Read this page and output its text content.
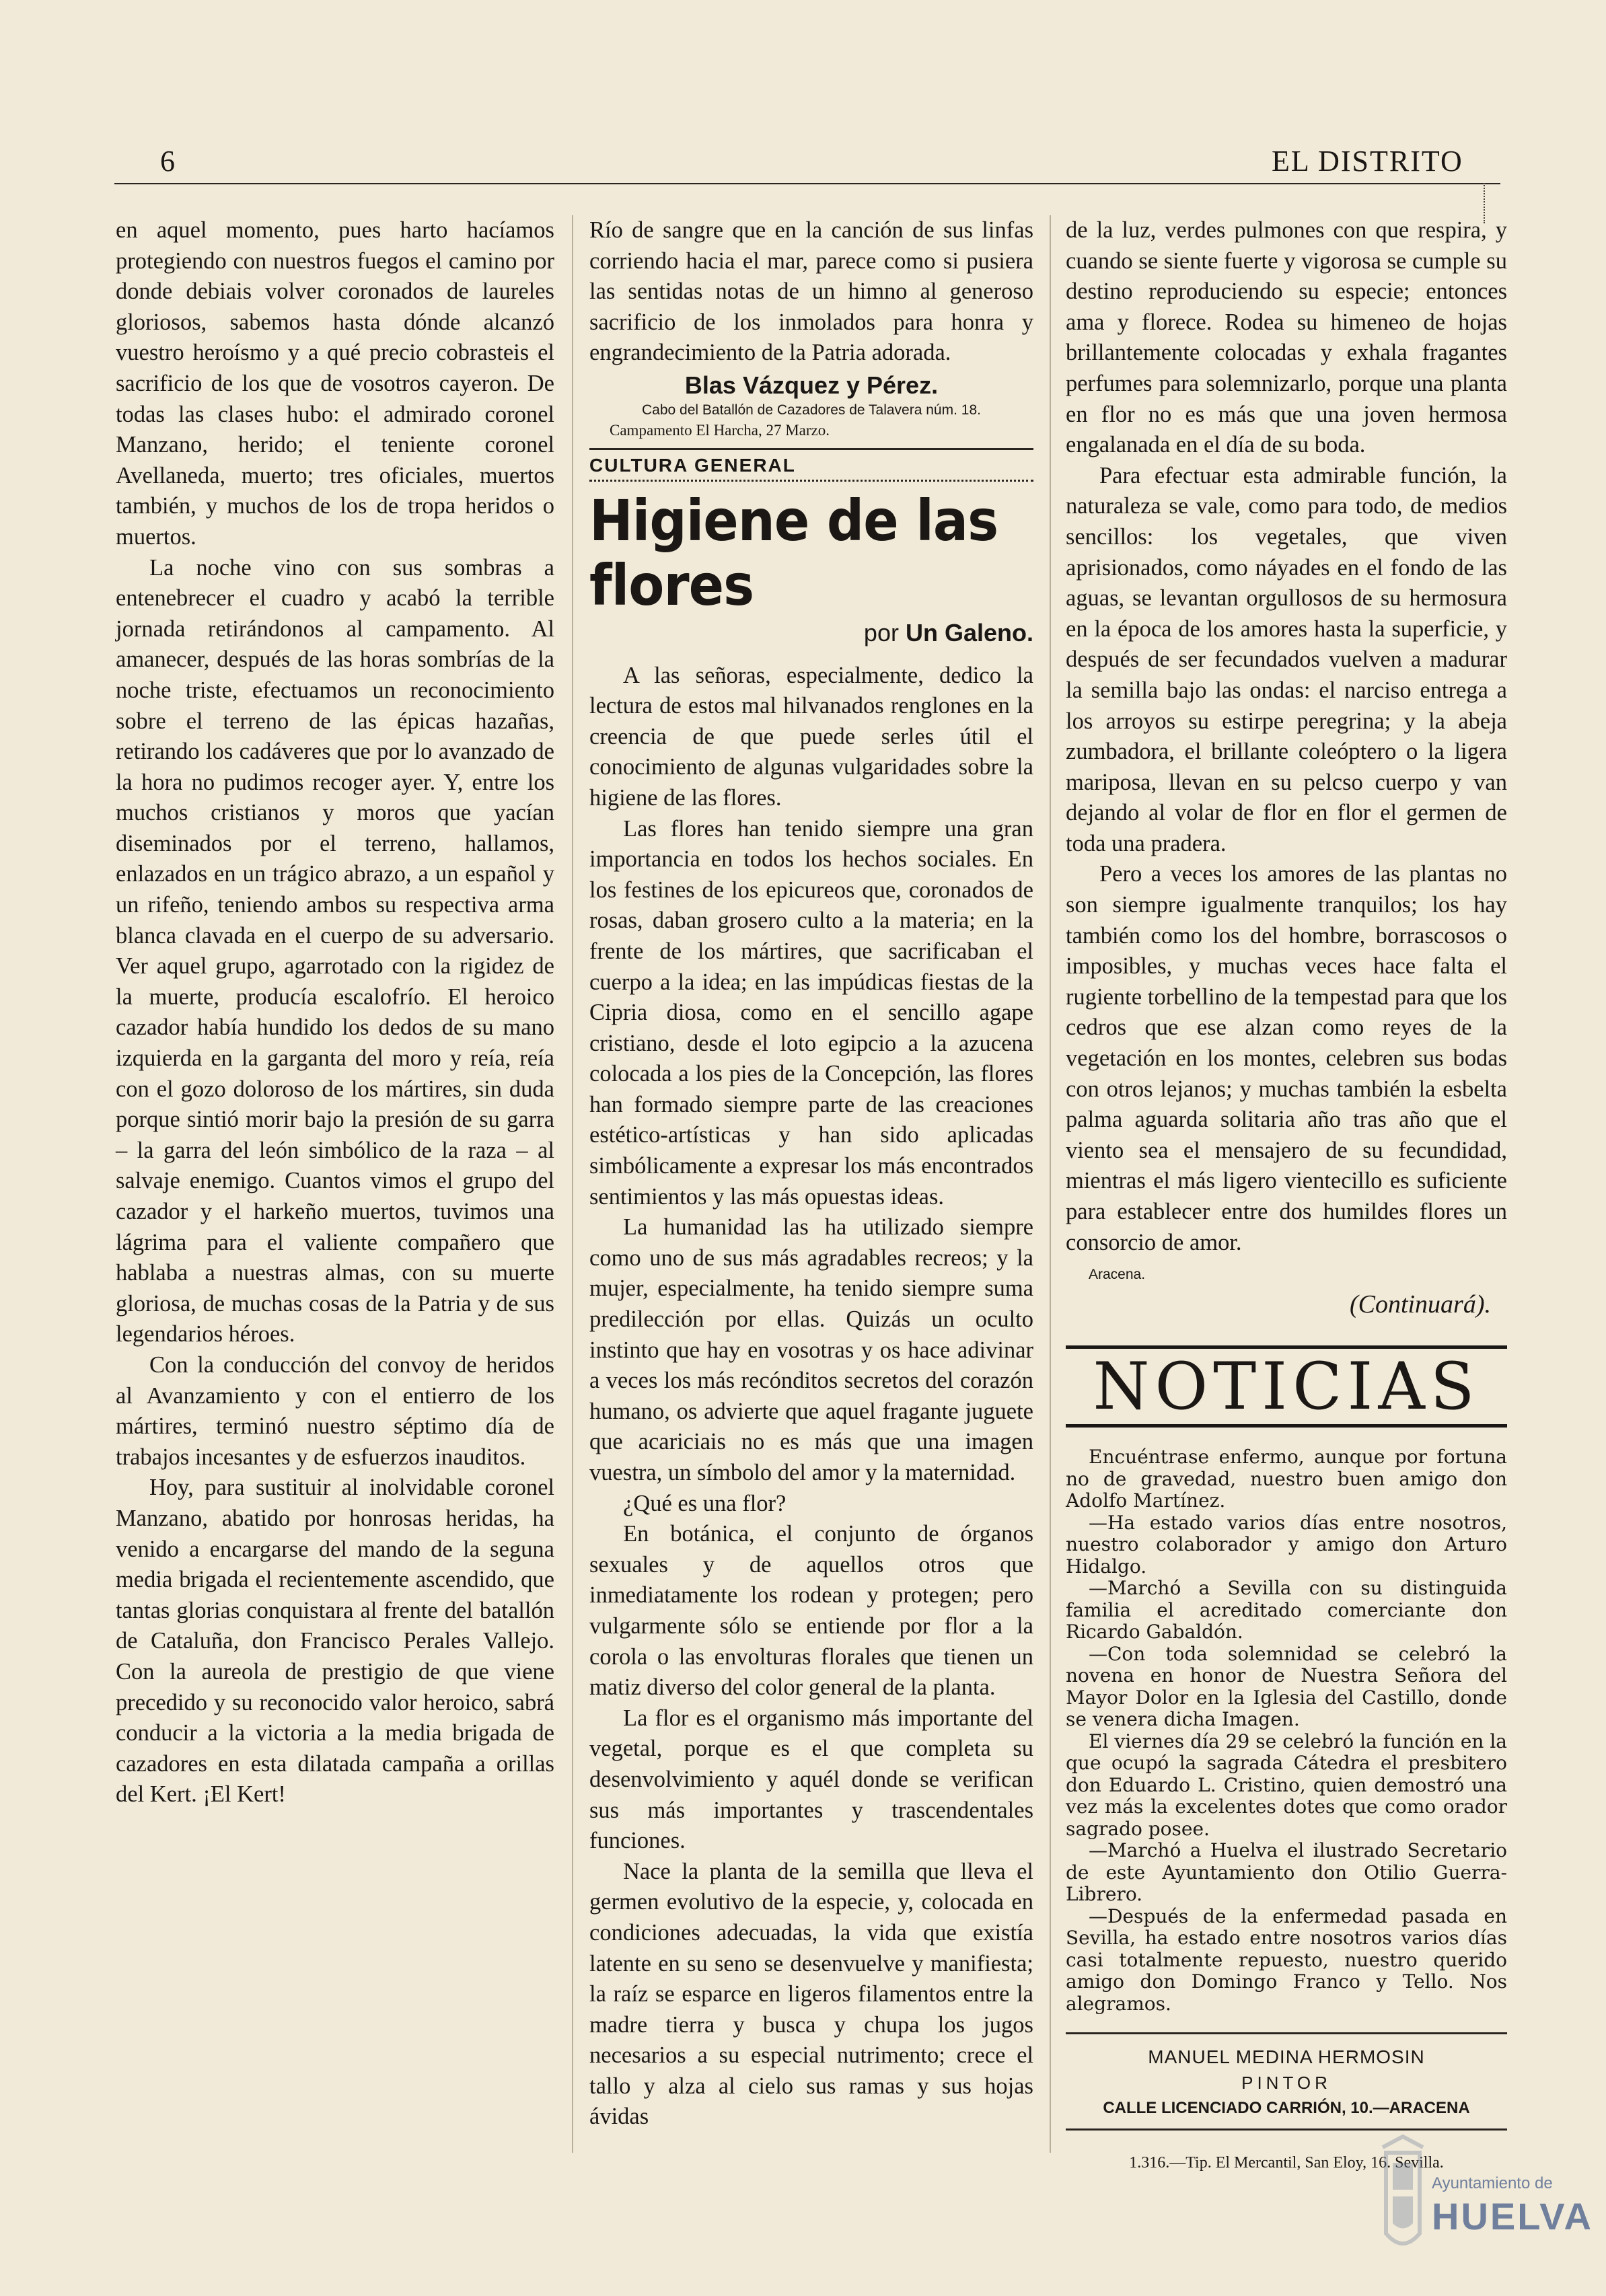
6	EL DISTRITO

en aquel momento, pues harto hacíamos protegiendo con nuestros fuegos el camino por donde debiais volver coronados de laureles gloriosos, sabemos hasta dónde alcanzó vuestro heroísmo y a qué precio cobrasteis el sacrificio de los que de vosotros cayeron. De todas las clases hubo: el admirado coronel Manzano, herido; el teniente coronel Avellaneda, muerto; tres oficiales, muertos también, y muchos de los de tropa heridos o muertos.

La noche vino con sus sombras a entenebrecer el cuadro y acabó la terrible jornada retirándonos al campamento. Al amanecer, después de las horas sombrías de la noche triste, efectuamos un reconocimiento sobre el terreno de las épicas hazañas, retirando los cadáveres que por lo avanzado de la hora no pudimos recoger ayer. Y, entre los muchos cristianos y moros que yacían diseminados por el terreno, hallamos, enlazados en un trágico abrazo, a un español y un rifeño, teniendo ambos su respectiva arma blanca clavada en el cuerpo de su adversario. Ver aquel grupo, agarrotado con la rigidez de la muerte, producía escalofrío. El heroico cazador había hundido los dedos de su mano izquierda en la garganta del moro y reía, reía con el gozo doloroso de los mártires, sin duda porque sintió morir bajo la presión de su garra – la garra del león simbólico de la raza – al salvaje enemigo. Cuantos vimos el grupo del cazador y el harkeño muertos, tuvimos una lágrima para el valiente compañero que hablaba a nuestras almas, con su muerte gloriosa, de muchas cosas de la Patria y de sus legendarios héroes.

Con la conducción del convoy de heridos al Avanzamiento y con el entierro de los mártires, terminó nuestro séptimo día de trabajos incesantes y de esfuerzos inauditos.

Hoy, para sustituir al inolvidable coronel Manzano, abatido por honrosas heridas, ha venido a encargarse del mando de la seguna media brigada el recientemente ascendido, que tantas glorias conquistara al frente del batallón de Cataluña, don Francisco Perales Vallejo. Con la aureola de prestigio de que viene precedido y su reconocido valor heroico, sabrá conducir a la victoria a la media brigada de cazadores en esta dilatada campaña a orillas del Kert. ¡El Kert!

Río de sangre que en la canción de sus linfas corriendo hacia el mar, parece como si pusiera las sentidas notas de un himno al generoso sacrificio de los inmolados para honra y engrandecimiento de la Patria adorada.

Blas Vázquez y Pérez.
Cabo del Batallón de Cazadores de Talavera núm. 18.
Campamento El Harcha, 27 Marzo.
CULTURA GENERAL
Higiene de las flores
por Un Galeno.

A las señoras, especialmente, dedico la lectura de estos mal hilvanados renglones en la creencia de que puede serles útil el conocimiento de algunas vulgaridades sobre la higiene de las flores.

Las flores han tenido siempre una gran importancia en todos los hechos sociales. En los festines de los epicureos que, coronados de rosas, daban grosero culto a la materia; en la frente de los mártires, que sacrificaban el cuerpo a la idea; en las impúdicas fiestas de la Cipria diosa, como en el sencillo agape cristiano, desde el loto egipcio a la azucena colocada a los pies de la Concepción, las flores han formado siempre parte de las creaciones estético-artísticas y han sido aplicadas simbólicamente a expresar los más encontrados sentimientos y las más opuestas ideas.

La humanidad las ha utilizado siempre como uno de sus más agradables recreos; y la mujer, especialmente, ha tenido siempre suma predilección por ellas. Quizás un oculto instinto que hay en vosotras y os hace adivinar a veces los más recónditos secretos del corazón humano, os advierte que aquel fragante juguete que acariciais no es más que una imagen vuestra, un símbolo del amor y la maternidad.

¿Qué es una flor?

En botánica, el conjunto de órganos sexuales y de aquellos otros que inmediatamente los rodean y protegen; pero vulgarmente sólo se entiende por flor a la corola o las envolturas florales que tienen un matiz diverso del color general de la planta.

La flor es el organismo más importante del vegetal, porque es el que completa su desenvolvimiento y aquél donde se verifican sus más importantes y trascendentales funciones.

Nace la planta de la semilla que lleva el germen evolutivo de la especie, y, colocada en condiciones adecuadas, la vida que existía latente en su seno se desenvuelve y manifiesta; la raíz se esparce en ligeros filamentos entre la madre tierra y busca y chupa los jugos necesarios a su especial nutrimento; crece el tallo y alza al cielo sus ramas y sus hojas ávidas

de la luz, verdes pulmones con que respira, y cuando se siente fuerte y vigorosa se cumple su destino reproduciendo su especie; entonces ama y florece. Rodea su himeneo de hojas brillantemente colocadas y exhala fragantes perfumes para solemnizarlo, porque una planta en flor no es más que una joven hermosa engalanada en el día de su boda.

Para efectuar esta admirable función, la naturaleza se vale, como para todo, de medios sencillos: los vegetales, que viven aprisionados, como náyades en el fondo de las aguas, se levantan orgullosos de su hermosura en la época de los amores hasta la superficie, y después de ser fecundados vuelven a madurar la semilla bajo las ondas: el narciso entrega a los arroyos su estirpe peregrina; y la abeja zumbadora, el brillante coleóptero o la ligera mariposa, llevan en su pelcso cuerpo y van dejando al volar de flor en flor el germen de toda una pradera.

Pero a veces los amores de las plantas no son siempre igualmente tranquilos; los hay también como los del hombre, borrascosos o imposibles, y muchas veces hace falta el rugiente torbellino de la tempestad para que los cedros que ese alzan como reyes de la vegetación en los montes, celebren sus bodas con otros lejanos; y muchas también la esbelta palma aguarda solitaria año tras año que el viento sea el mensajero de su fecundidad, mientras el más ligero vientecillo es suficiente para establecer entre dos humildes flores un consorcio de amor.

Aracena.
(Continuará).
NOTICIAS

Encuéntrase enfermo, aunque por fortuna no de gravedad, nuestro buen amigo don Adolfo Martínez.

—Ha estado varios días entre nosotros, nuestro colaborador y amigo don Arturo Hidalgo.

—Marchó a Sevilla con su distinguida familia el acreditado comerciante don Ricardo Gabaldón.

—Con toda solemnidad se celebró la novena en honor de Nuestra Señora del Mayor Dolor en la Iglesia del Castillo, donde se venera dicha Imagen.

El viernes día 29 se celebró la función en la que ocupó la sagrada Cátedra el presbitero don Eduardo L. Cristino, quien demostró una vez más la excelentes dotes que como orador sagrado posee.

—Marchó a Huelva el ilustrado Secretario de este Ayuntamiento don Otilio Guerra-Librero.

—Después de la enfermedad pasada en Sevilla, ha estado entre nosotros varios días casi totalmente repuesto, nuestro querido amigo don Domingo Franco y Tello. Nos alegramos.

MANUEL MEDINA HERMOSIN
PINTOR
CALLE LICENCIADO CARRIÓN, 10.—ARACENA
1.316.—Tip. El Mercantil, San Eloy, 16. Sevilla.
Ayuntamiento de
HUELVA
